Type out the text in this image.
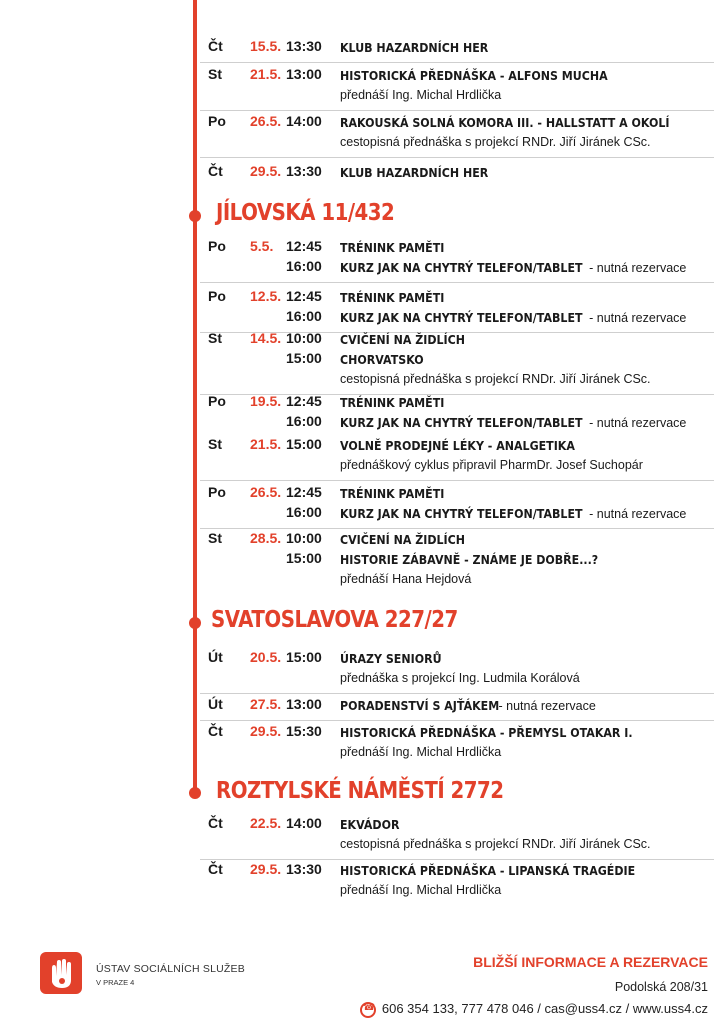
JÍLOVSKÁ 11/432
SVATOSLAVOVA 227/27
ROZTYLSKÉ NÁMĚSTÍ 2772
Čt 15.5. 13:30 KLUB HAZARDNÍCH HER
St 21.5. 13:00 HISTORICKÁ PŘEDNÁŠKA - ALFONS MUCHA
přednáší Ing. Michal Hrdlička
Po 26.5. 14:00 RAKOUSKÁ SOLNÁ KOMORA III. - HALLSTATT A OKOLÍ
cestopisná přednáška s projekcí RNDr. Jiří Jiránek CSc.
Čt 29.5. 13:30 KLUB HAZARDNÍCH HER
Po 5.5. 12:45 TRÉNINK PAMĚTI
16:00 KURZ JAK NA CHYTRÝ TELEFON/TABLET - nutná rezervace
Po 12.5. 12:45 TRÉNINK PAMĚTI
16:00 KURZ JAK NA CHYTRÝ TELEFON/TABLET - nutná rezervace
St 14.5. 10:00 CVIČENÍ NA ŽIDLÍCH
15:00 CHORVATSKO
cestopisná přednáška s projekcí RNDr. Jiří Jiránek CSc.
Po 19.5. 12:45 TRÉNINK PAMĚTI
16:00 KURZ JAK NA CHYTRÝ TELEFON/TABLET - nutná rezervace
St 21.5. 15:00 VOLNĚ PRODEJNÉ LÉKY - ANALGETIKA
přednáškový cyklus připravil PharmDr. Josef Suchopár
Po 26.5. 12:45 TRÉNINK PAMĚTI
16:00 KURZ JAK NA CHYTRÝ TELEFON/TABLET - nutná rezervace
St 28.5. 10:00 CVIČENÍ NA ŽIDLÍCH
15:00 HISTORIE ZÁBAVNĚ - ZNÁME JE DOBŘE...?
přednáší Hana Hejdová
Út 20.5. 15:00 ÚRAZY SENIORŮ
přednáška s projekcí Ing. Ludmila Korálová
Út 27.5. 13:00 PORADENSTVÍ S AJŤÁKEM - nutná rezervace
Čt 29.5. 15:30 HISTORICKÁ PŘEDNÁŠKA - PŘEMYSL OTAKAR I.
přednáší Ing. Michal Hrdlička
Čt 22.5. 14:00 EKVÁDOR
cestopisná přednáška s projekcí RNDr. Jiří Jiránek CSc.
Čt 29.5. 13:30 HISTORICKÁ PŘEDNÁŠKA - LIPANSKÁ TRAGÉDIE
přednáší Ing. Michal Hrdlička
ÚSTAV SOCIÁLNÍCH SLUŽEB
V PRAZE 4
BLIŽŠÍ INFORMACE A REZERVACE
Podolská 208/31
☎606 354 133, 777 478 046 / cas@uss4.cz / www.uss4.cz
